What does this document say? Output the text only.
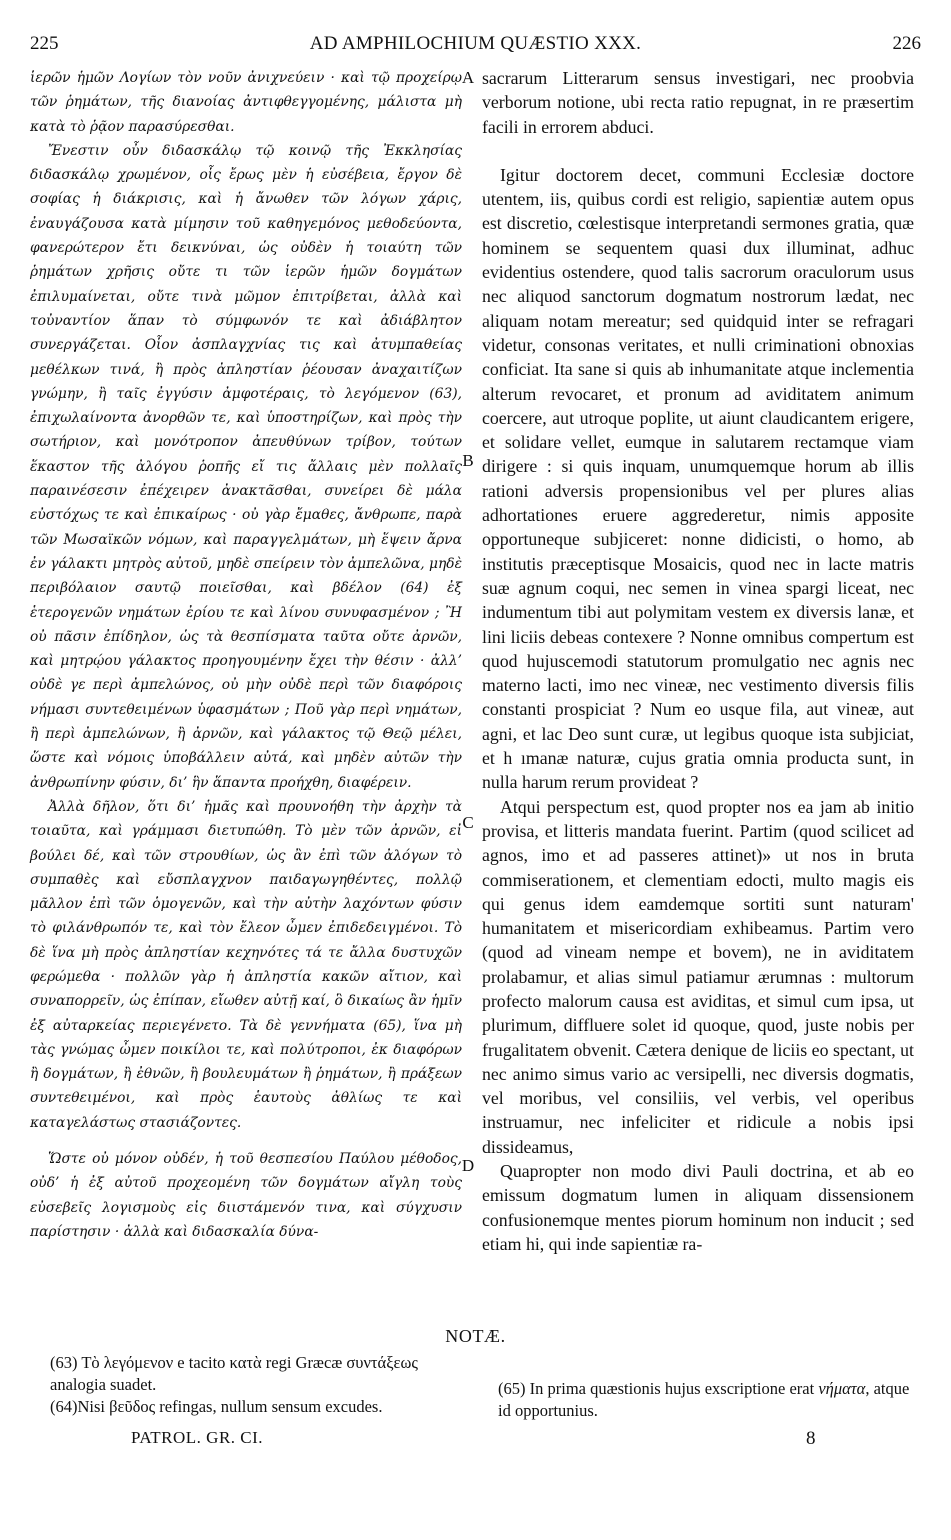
225	AD AMPHILOCHIUM QUÆSTIO XXX.	226

ἱερῶν ἡμῶν Λογίων τὸν νοῦν ἀνιχνεύειν · καὶ τῷ προχείρῳ τῶν ῥημάτων, τῆς διανοίας ἀντιφθεγγομένης, μάλιστα μὴ κατὰ τὸ ῥᾷον παρασύρεσθαι.

Ἔνεστιν οὖν διδασκάλῳ τῷ κοινῷ τῆς Ἐκκλησίας διδασκάλῳ χρωμένον, οἷς ἔρως μὲν ἡ εὐσέβεια, ἔργον δὲ σοφίας ἡ διάκρισις, καὶ ἡ ἄνωθεν τῶν λόγων χάρις, ἐναυγάζουσα κατὰ μίμησιν τοῦ καθηγεμόνος μεθοδεύοντα, φανερώτερον ἔτι δεικνύναι, ὡς οὐδὲν ἡ τοιαύτη τῶν ῥημάτων χρῆσις οὔτε τι τῶν ἱερῶν ἡμῶν δογμάτων ἐπιλυμαίνεται, οὔτε τινὰ μῶμον ἐπιτρίβεται, ἀλλὰ καὶ τοὐναντίον ἅπαν τὸ σύμφωνόν τε καὶ ἀδιάβλητον συνεργάζεται. Οἷον ἀσπλαγχνίας τις καὶ ἀτυμπαθείας μεθέλκων τινά, ἢ πρὸς ἀπληστίαν ῥέουσαν ἀναχαιτίζων γνώμην, ἢ ταῖς ἐγγύσιν ἀμφοτέραις, τὸ λεγόμενον (63), ἐπιχωλαίνοντα ἀνορθῶν τε, καὶ ὑποστηρίζων, καὶ πρὸς τὴν σωτήριον, καὶ μονότροπον ἀπευθύνων τρίβον, τούτων ἕκαστον τῆς ἀλόγου ῥοπῆς εἴ τις ἄλλαις μὲν πολλαῖς παραινέσεσιν ἐπέχειρεν ἀνακτᾶσθαι, συνείρει δὲ μάλα εὐστόχως τε καὶ ἐπικαίρως · οὐ γὰρ ἔμαθες, ἄνθρωπε, παρὰ τῶν Μωσαϊκῶν νόμων, καὶ παραγγελμάτων, μὴ ἕψειν ἄρνα ἐν γάλακτι μητρὸς αὐτοῦ, μηδὲ σπείρειν τὸν ἀμπελῶνα, μηδὲ περιβόλαιον σαυτῷ ποιεῖσθαι, καὶ βδέλον (64) ἐξ ἑτερογενῶν νημάτων ἐρίου τε καὶ λίνου συνυφασμένον ; Ἢ οὐ πᾶσιν ἐπίδηλον, ὡς τὰ θεσπίσματα ταῦτα οὔτε ἀρνῶν, καὶ μητρῴου γάλακτος προηγουμένην ἔχει τὴν θέσιν · ἀλλ’ οὐδὲ γε περὶ ἀμπελώνος, οὐ μὴν οὐδὲ περὶ τῶν διαφόροις νήμασι συντεθειμένων ὑφασμάτων ; Ποῦ γὰρ περὶ νημάτων, ἢ περὶ ἀμπελώνων, ἢ ἀρνῶν, καὶ γάλακτος τῷ Θεῷ μέλει, ὥστε καὶ νόμοις ὑποβάλλειν αὐτά, καὶ μηδὲν αὐτῶν τὴν ἀνθρωπίνην φύσιν, δι’ ἣν ἅπαντα προήχθη, διαφέρειν.

Ἀλλὰ δῆλον, ὅτι δι’ ἡμᾶς καὶ προυνοήθη τὴν ἀρχὴν τὰ τοιαῦτα, καὶ γράμμασι διετυπώθη. Τὸ μὲν τῶν ἀρνῶν, εἰ βούλει δέ, καὶ τῶν στρουθίων, ὡς ἂν ἐπὶ τῶν ἀλόγων τὸ συμπαθὲς καὶ εὔσπλαγχνον παιδαγωγηθέντες, πολλῷ μᾶλλον ἐπὶ τῶν ὁμογενῶν, καὶ τὴν αὐτὴν λαχόντων φύσιν τὸ φιλάνθρωπόν τε, καὶ τὸν ἔλεον ὦμεν ἐπιδεδειγμένοι. Τὸ δὲ ἵνα μὴ πρὸς ἀπληστίαν κεχηνότες τά τε ἄλλα δυστυχῶν φερώμεθα · πολλῶν γὰρ ἡ ἀπληστία κακῶν αἴτιον, καὶ συναπορρεῖν, ὡς ἐπίπαν, εἴωθεν αὐτῇ καί, ὃ δικαίως ἂν ἡμῖν ἐξ αὐταρκείας περιεγένετο. Τὰ δὲ γεννήματα (65), ἵνα μὴ τὰς γνώμας ὦμεν ποικίλοι τε, καὶ πολύτροποι, ἐκ διαφόρων ἢ δογμάτων, ἢ ἐθνῶν, ἢ βουλευμάτων ἢ ῥημάτων, ἢ πράξεων συντεθειμένοι, καὶ πρὸς ἑαυτοὺς ἀθλίως τε καὶ καταγελάστως στασιάζοντες.

Ὥστε οὐ μόνον οὐδέν, ἡ τοῦ θεσπεσίου Παύλου μέθοδος, οὐδ’ ἡ ἐξ αὐτοῦ προχεομένη τῶν δογμάτων αἴγλη τοὺς εὐσεβεῖς λογισμοὺς εἰς διιστάμενόν τινα, καὶ σύγχυσιν παρίστησιν · ἀλλὰ καὶ διδασκαλία δύνα-

A
B
C
D

sacrarum Litterarum sensus investigari, nec proobvia verborum notione, ubi recta ratio repugnat, in re præsertim facili in errorem abduci.

Igitur doctorem decet, communi Ecclesiæ doctore utentem, iis, quibus cordi est religio, sapientiæ autem opus est discretio, cœlestisque interpretandi sermones gratia, quæ hominem se sequentem quasi dux illuminat, adhuc evidentius ostendere, quod talis sacrorum oraculorum usus nec aliquod sanctorum dogmatum nostrorum lædat, nec aliquam notam mereatur; sed quidquid inter se refragari videtur, consonas veritates, et nulli criminationi obnoxias conficiat. Ita sane si quis ab inhumanitate atque inclementia alterum revocaret, et pronum ad aviditatem animum coercere, aut utroque poplite, ut aiunt claudicantem erigere, et solidare vellet, eumque in salutarem rectamque viam dirigere : si quis inquam, unumquemque horum ab illis rationi adversis propensionibus vel per plures alias adhortationes eruere aggrederetur, nimis apposite opportuneque subjiceret: nonne didicisti, o homo, ab institutis præceptisque Mosaicis, quod nec in lacte matris suæ agnum coqui, nec semen in vinea spargi liceat, nec indumentum tibi aut polymitam vestem ex diversis lanæ, et lini liciis debeas contexere ? Nonne omnibus compertum est quod hujuscemodi statutorum promulgatio nec agnis nec materno lacti, imo nec vineæ, nec vestimento diversis filis constanti prospiciat ? Num eo usque fila, aut vineæ, aut agni, et lac Deo sunt curæ, ut legibus quoque ista subjiciat, et h ımanæ naturæ, cujus gratia omnia producta sunt, in nulla harum rerum provideat ?

Atqui perspectum est, quod propter nos ea jam ab initio provisa, et litteris mandata fuerint. Partim (quod scilicet ad agnos, imo et ad passeres attinet)» ut nos in bruta commiserationem, et clementiam edocti, multo magis eis qui genus idem eamdemque sortiti sunt naturam' humanitatem et misericordiam exhibeamus. Partim vero (quod ad vineam nempe et bovem), ne in aviditatem prolabamur, et alias simul patiamur ærumnas : multorum profecto malorum causa est aviditas, et simul cum ipsa, ut plurimum, diffluere solet id quoque, quod, juste nobis per frugalitatem obvenit. Cætera denique de liciis eo spectant, ut nec animo simus vario ac versipelli, nec diversis dogmatis, vel moribus, vel consiliis, vel verbis, vel operibus instruamur, nec infeliciter et ridicule a nobis ipsi dissideamus,

Quapropter non modo divi Pauli doctrina, et ab eo emissum dogmatum lumen in aliquam dissensionem confusionemque mentes piorum hominum non inducit ; sed etiam hi, qui inde sapientiæ ra-

NOTÆ.

(63) Τὸ λεγόμενον e tacito κατὰ regi Græcæ συντάξεως analogia suadet.

(64)Nisi βεῦδος refingas, nullum sensum excudes.

(65) In prima quæstionis hujus exscriptione erat νήματα, atque id opportunius.

PATROL. GR. CI.	8
